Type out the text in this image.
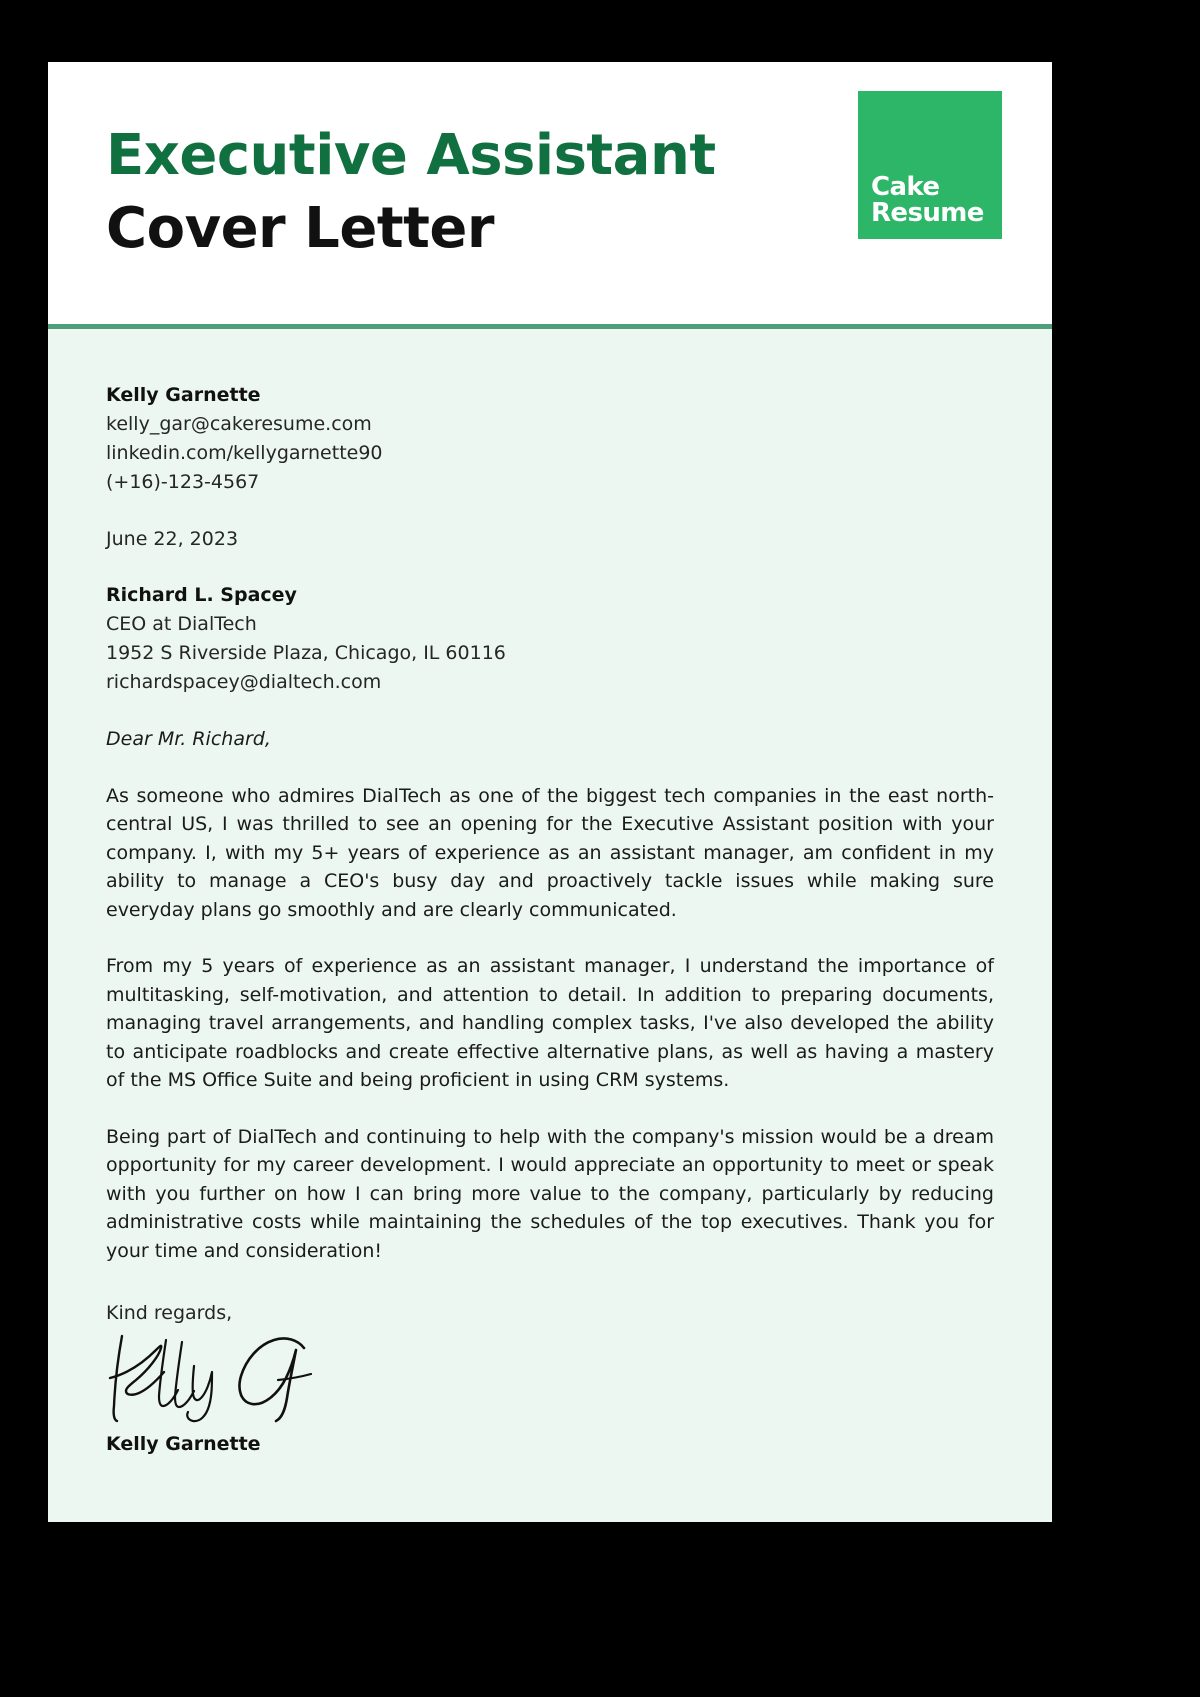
Executive Assistant
Cover Letter
Cake
Resume
Kelly Garnette
kelly_gar@cakeresume.com
linkedin.com/kellygarnette90
(+16)-123-4567
June 22, 2023
Richard L. Spacey
CEO at DialTech
1952 S Riverside Plaza, Chicago, IL 60116
richardspacey@dialtech.com
Dear Mr. Richard,

As someone who admires DialTech as one of the biggest tech companies in the east north-central US, I was thrilled to see an opening for the Executive Assistant position with your company. I, with my 5+ years of experience as an assistant manager, am confident in my ability to manage a CEO's busy day and proactively tackle issues while making sure everyday plans go smoothly and are clearly communicated.

From my 5 years of experience as an assistant manager, I understand the importance of multitasking, self-motivation, and attention to detail. In addition to preparing documents, managing travel arrangements, and handling complex tasks, I've also developed the ability to anticipate roadblocks and create effective alternative plans, as well as having a mastery of the MS Office Suite and being proficient in using CRM systems.

Being part of DialTech and continuing to help with the company's mission would be a dream opportunity for my career development. I would appreciate an opportunity to meet or speak with you further on how I can bring more value to the company, particularly by reducing administrative costs while maintaining the schedules of the top executives. Thank you for your time and consideration!

Kind regards,
Kelly Garnette
